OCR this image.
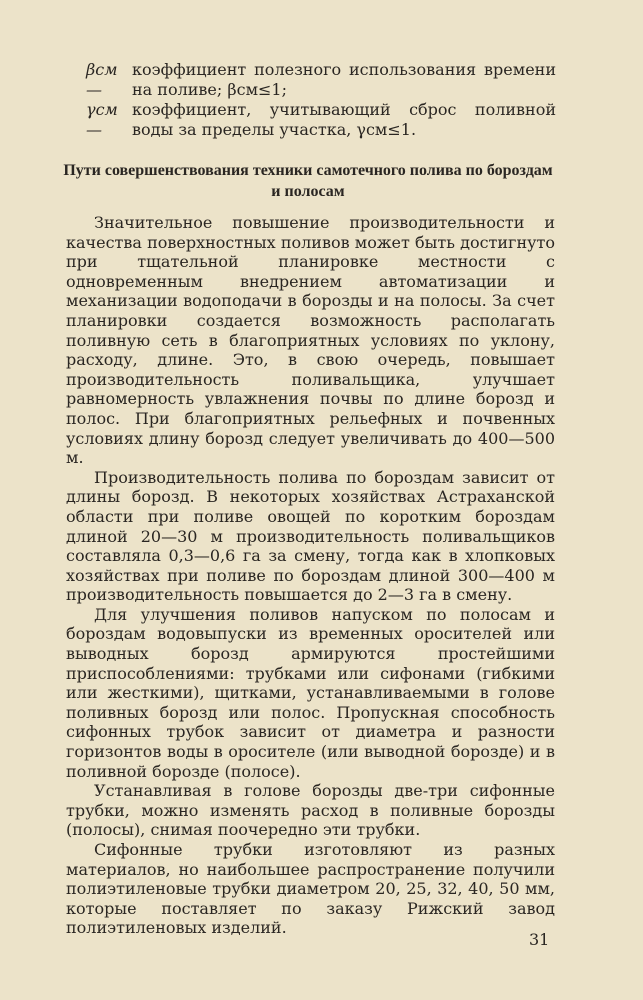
βсм —
коэффициент полезного использования времени на поливе; βсм≤1;
γсм —
коэффициент, учитывающий сброс поливной воды за пределы участка, γсм≤1.
Пути совершенствования техники самотечного полива по бороздам и полосам

Значительное повышение производительности и качества поверхностных поливов может быть достигнуто при тщательной планировке местности с одновременным внедрением автоматизации и механизации водоподачи в борозды и на полосы. За счет планировки создается возможность располагать поливную сеть в благоприятных условиях по уклону, расходу, длине. Это, в свою очередь, повышает производительность поливальщика, улучшает равномерность увлажнения почвы по длине борозд и полос. При благоприятных рельефных и почвенных условиях длину борозд следует увеличивать до 400—500 м.

Производительность полива по бороздам зависит от длины борозд. В некоторых хозяйствах Астраханской области при поливе овощей по коротким бороздам длиной 20—30 м производительность поливальщиков составляла 0,3—0,6 га за смену, тогда как в хлопковых хозяйствах при поливе по бороздам длиной 300—400 м производительность повышается до 2—3 га в смену.

Для улучшения поливов напуском по полосам и бороздам водовыпуски из временных оросителей или выводных борозд армируются простейшими приспособлениями: трубками или сифонами (гибкими или жесткими), щитками, устанавливаемыми в голове поливных борозд или полос. Пропускная способность сифонных трубок зависит от диаметра и разности горизонтов воды в оросителе (или выводной борозде) и в поливной борозде (полосе).

Устанавливая в голове борозды две-три сифонные трубки, можно изменять расход в поливные борозды (полосы), снимая поочередно эти трубки.

Сифонные трубки изготовляют из разных материалов, но наибольшее распространение получили полиэтиленовые трубки диаметром 20, 25, 32, 40, 50 мм, которые поставляет по заказу Рижский завод полиэтиленовых изделий.

31
